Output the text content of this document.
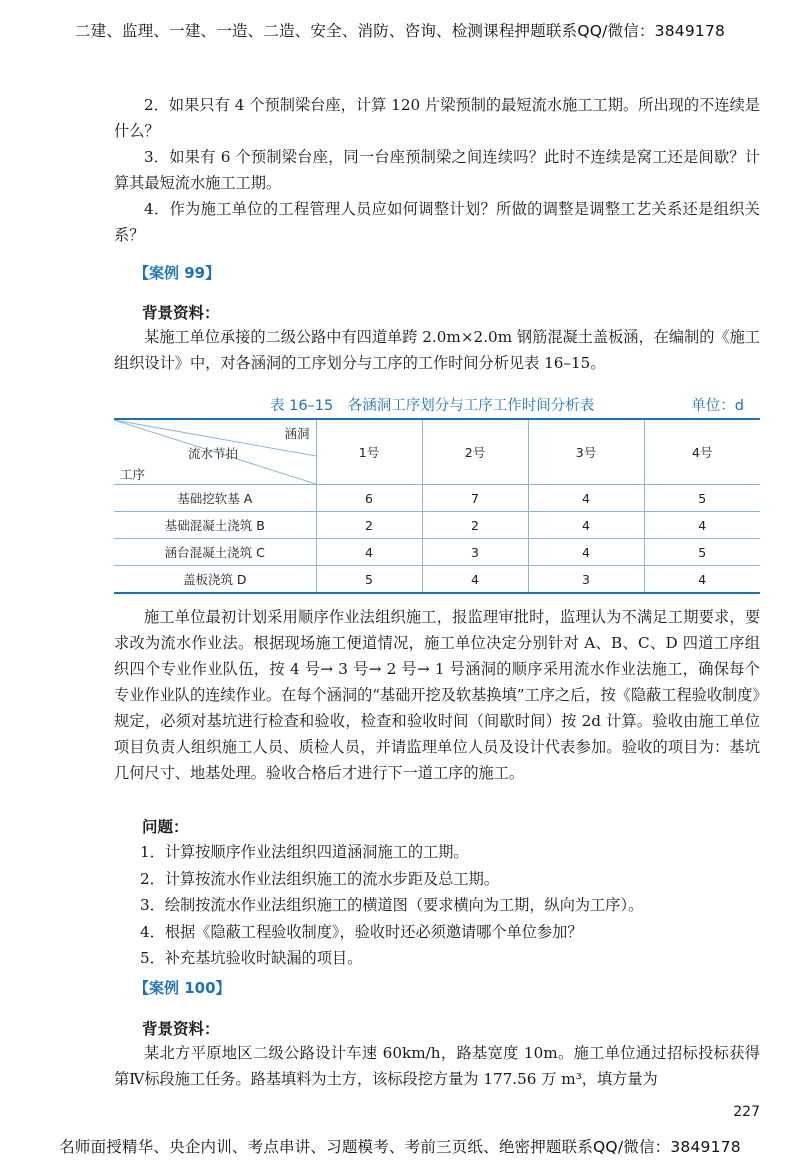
二建、监理、一建、一造、二造、安全、消防、咨询、检测课程押题联系QQ/微信：3849178

2．如果只有 4 个预制梁台座，计算 120 片梁预制的最短流水施工工期。所出现的不连续是什么？

3．如果有 6 个预制梁台座，同一台座预制梁之间连续吗？此时不连续是窝工还是间歇？计算其最短流水施工工期。

4．作为施工单位的工程管理人员应如何调整计划？所做的调整是调整工艺关系还是组织关系？

【案例 99】

背景资料：

某施工单位承接的二级公路中有四道单跨 2.0m×2.0m 钢筋混凝土盖板涵，在编制的《施工组织设计》中，对各涵洞的工序划分与工序的工作时间分析见表 16–15。

表 16–15　各涵洞工序划分与工序工作时间分析表	单位：d
涵洞
流水节拍
工序	1号	2号	3号	4号
基础挖软基 A	6	7	4	5
基础混凝土浇筑 B	2	2	4	4
涵台混凝土浇筑 C	4	3	4	5
盖板浇筑 D	5	4	3	4

施工单位最初计划采用顺序作业法组织施工，报监理审批时，监理认为不满足工期要求，要求改为流水作业法。根据现场施工便道情况，施工单位决定分别针对 A、B、C、D 四道工序组织四个专业作业队伍，按 4 号→ 3 号→ 2 号→ 1 号涵洞的顺序采用流水作业法施工，确保每个专业作业队的连续作业。在每个涵洞的“基础开挖及软基换填”工序之后，按《隐蔽工程验收制度》规定，必须对基坑进行检查和验收，检查和验收时间（间歇时间）按 2d 计算。验收由施工单位项目负责人组织施工人员、质检人员，并请监理单位人员及设计代表参加。验收的项目为：基坑几何尺寸、地基处理。验收合格后才进行下一道工序的施工。

问题：

1．计算按顺序作业法组织四道涵洞施工的工期。
2．计算按流水作业法组织施工的流水步距及总工期。
3．绘制按流水作业法组织施工的横道图（要求横向为工期，纵向为工序）。
4．根据《隐蔽工程验收制度》，验收时还必须邀请哪个单位参加？
5．补充基坑验收时缺漏的项目。

【案例 100】

背景资料：

某北方平原地区二级公路设计车速 60km/h，路基宽度 10m。施工单位通过招标投标获得第Ⅳ标段施工任务。路基填料为土方，该标段挖方量为 177.56 万 m³，填方量为

227
名师面授精华、央企内训、考点串讲、习题模考、考前三页纸、绝密押题联系QQ/微信：3849178
